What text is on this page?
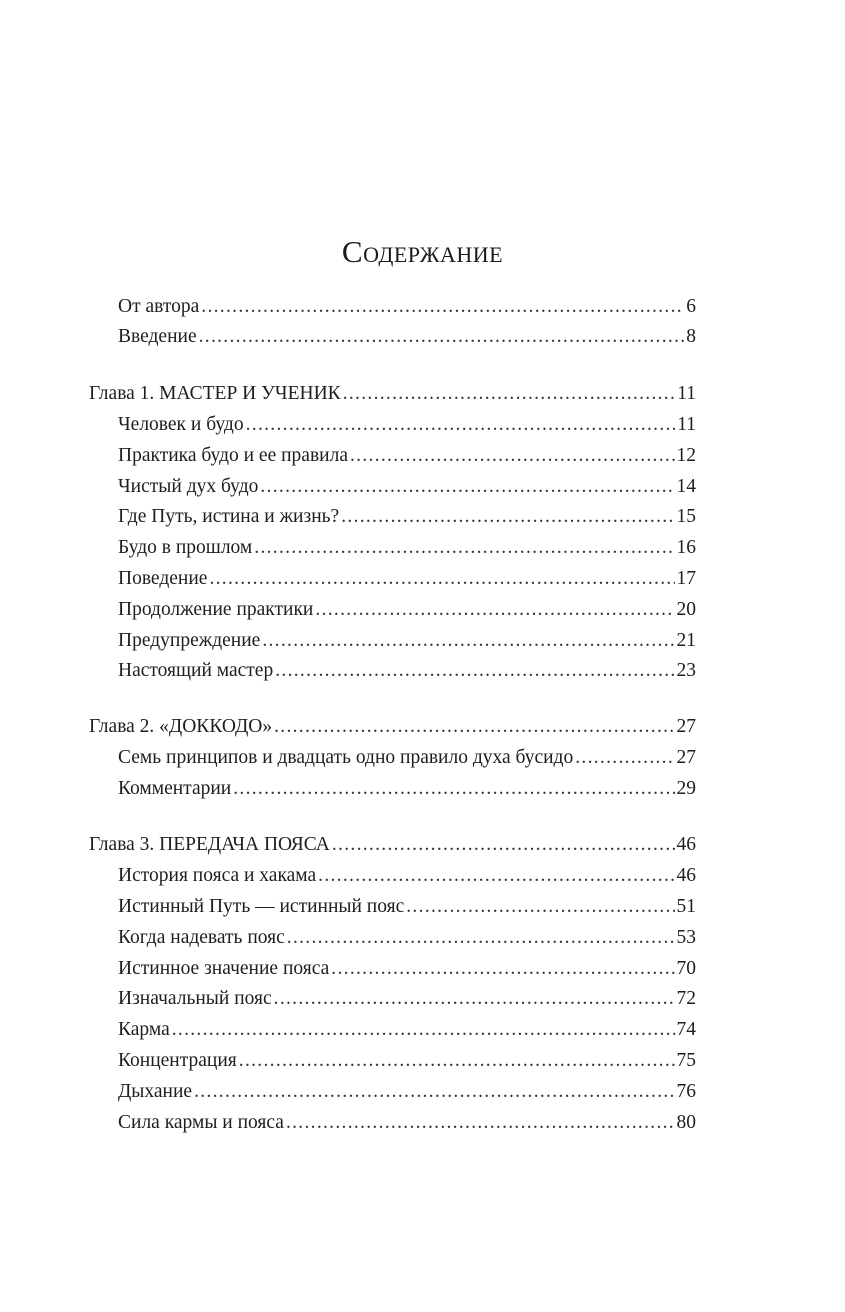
Содержание
От автора .....	6
Введение .....	8
Глава 1. МАСТЕР И УЧЕНИК .....	11
Человек и будо .....	11
Практика будо и ее правила .....	12
Чистый дух будо .....	14
Где Путь, истина и жизнь? .....	15
Будо в прошлом .....	16
Поведение .....	17
Продолжение практики .....	20
Предупреждение .....	21
Настоящий мастер .....	23
Глава 2. «ДОККОДО» .....	27
Семь принципов и двадцать одно правило духа бусидо .....	27
Комментарии .....	29
Глава 3. ПЕРЕДАЧА ПОЯСА .....	46
История пояса и хакама .....	46
Истинный Путь — истинный пояс .....	51
Когда надевать пояс .....	53
Истинное значение пояса .....	70
Изначальный пояс .....	72
Карма .....	74
Концентрация .....	75
Дыхание .....	76
Сила кармы и пояса .....	80
